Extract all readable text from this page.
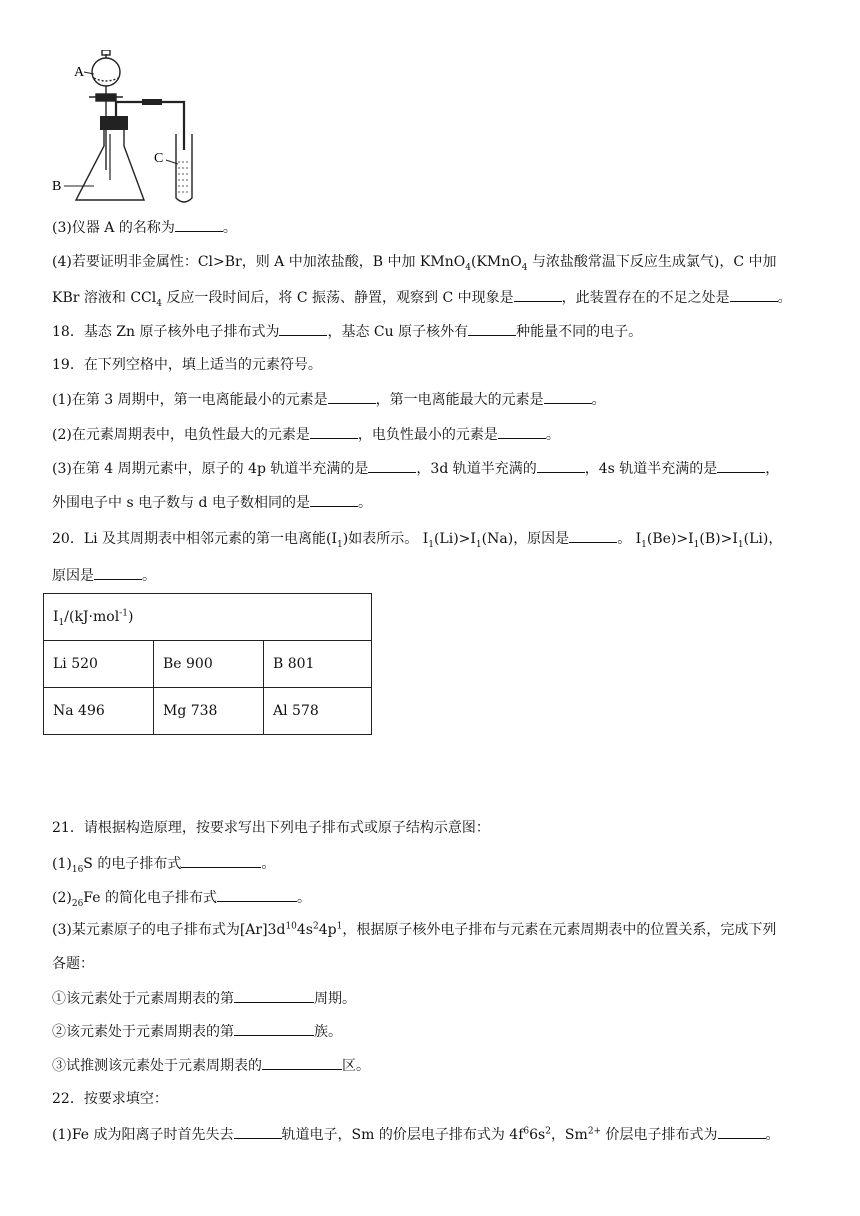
A
B
C
(3)仪器 A 的名称为	。
(4)若要证明非金属性：Cl>Br，则 A 中加浓盐酸，B 中加 KMnO$_4$(KMnO$_4$ 与浓盐酸常温下反应生成氯气)，C 中加
KBr 溶液和 CCl$_4$ 反应一段时间后，将 C 振荡、静置，观察到 C 中现象是	，此装置存在的不足之处是	。
18．基态 Zn 原子核外电子排布式为	，基态 Cu 原子核外有	种能量不同的电子。
19．在下列空格中，填上适当的元素符号。
(1)在第 3 周期中，第一电离能最小的元素是	，第一电离能最大的元素是	。
(2)在元素周期表中，电负性最大的元素是	，电负性最小的元素是	。
(3)在第 4 周期元素中，原子的 4p 轨道半充满的是	，3d 轨道半充满的	，4s 轨道半充满的是	，
外围电子中 s 电子数与 d 电子数相同的是	。
20．Li 及其周期表中相邻元素的第一电离能$(I_1)$如表所示。 $I_1(Li)>I_1(Na)$，原因是	。 $I_1(Be)>I_1(B)>I_1(Li)$，
原因是	。
$I_1/(kJ\cdot mol^{-1})$		
Li 520	Be 900	B 801
Na 496	Mg 738	Al 578
21．请根据构造原理，按要求写出下列电子排布式或原子结构示意图：
$(1)_{16}S$ 的电子排布式	。
$(2)_{26}Fe$ 的简化电子排布式	。
(3)某元素原子的电子排布式为$[Ar]3d^{10}4s^24p^1$，根据原子核外电子排布与元素在元素周期表中的位置关系，完成下列
各题：
①该元素处于元素周期表的第	周期。
②该元素处于元素周期表的第	族。
③试推测该元素处于元素周期表的	区。
22．按要求填空：
(1)Fe 成为阳离子时首先失去	轨道电子，Sm 的价层电子排布式为 $4f^66s^2$，$Sm^{2+}$ 价层电子排布式为	。
